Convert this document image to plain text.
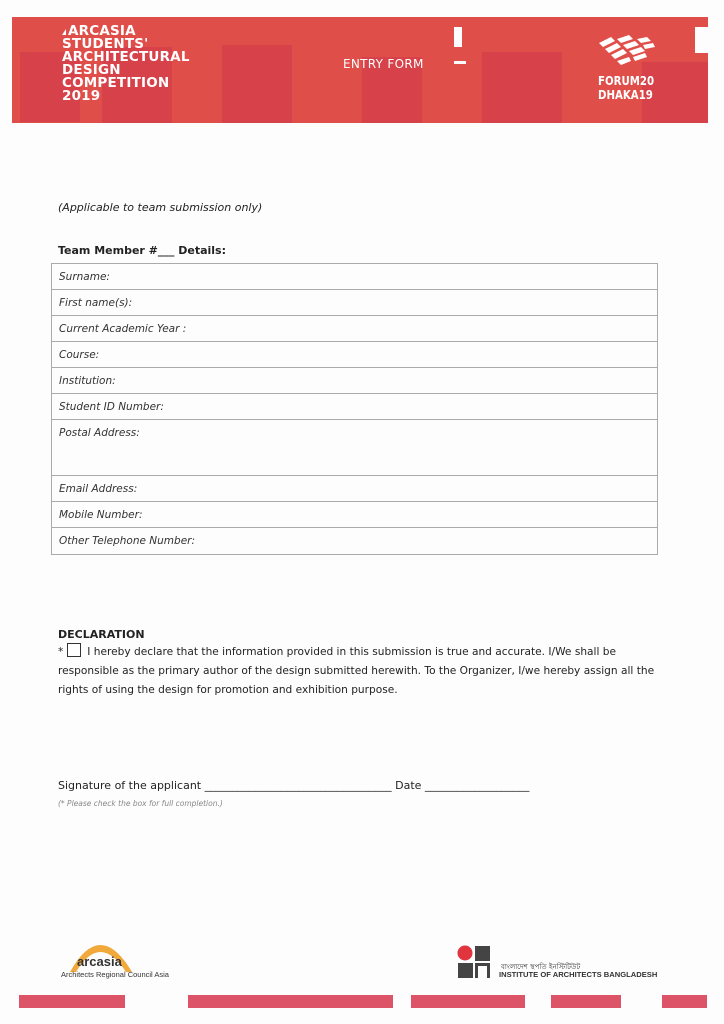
ARCASIA
STUDENTS'
ARCHITECTURAL
DESIGN
COMPETITION
2019
ENTRY FORM
FORUM20
DHAKA19
(Applicable to team submission only)
Team Member #___ Details:
Surname:
First name(s):
Current Academic Year :
Course:
Institution:
Student ID Number:
Postal Address:
Email Address:
Mobile Number:
Other Telephone Number:
DECLARATION
* I hereby declare that the information provided in this submission is true and accurate. I/We shall be responsible as the primary author of the design submitted herewith. To the Organizer, I/we hereby assign all the rights of using the design for promotion and exhibition purpose.
Signature of the applicant __________________________________ Date ___________________
(* Please check the box for full completion.)
arcasia
Architects Regional Council Asia
বাংলাদেশ স্থপতি ইনস্টিটিউট
INSTITUTE OF ARCHITECTS BANGLADESH
